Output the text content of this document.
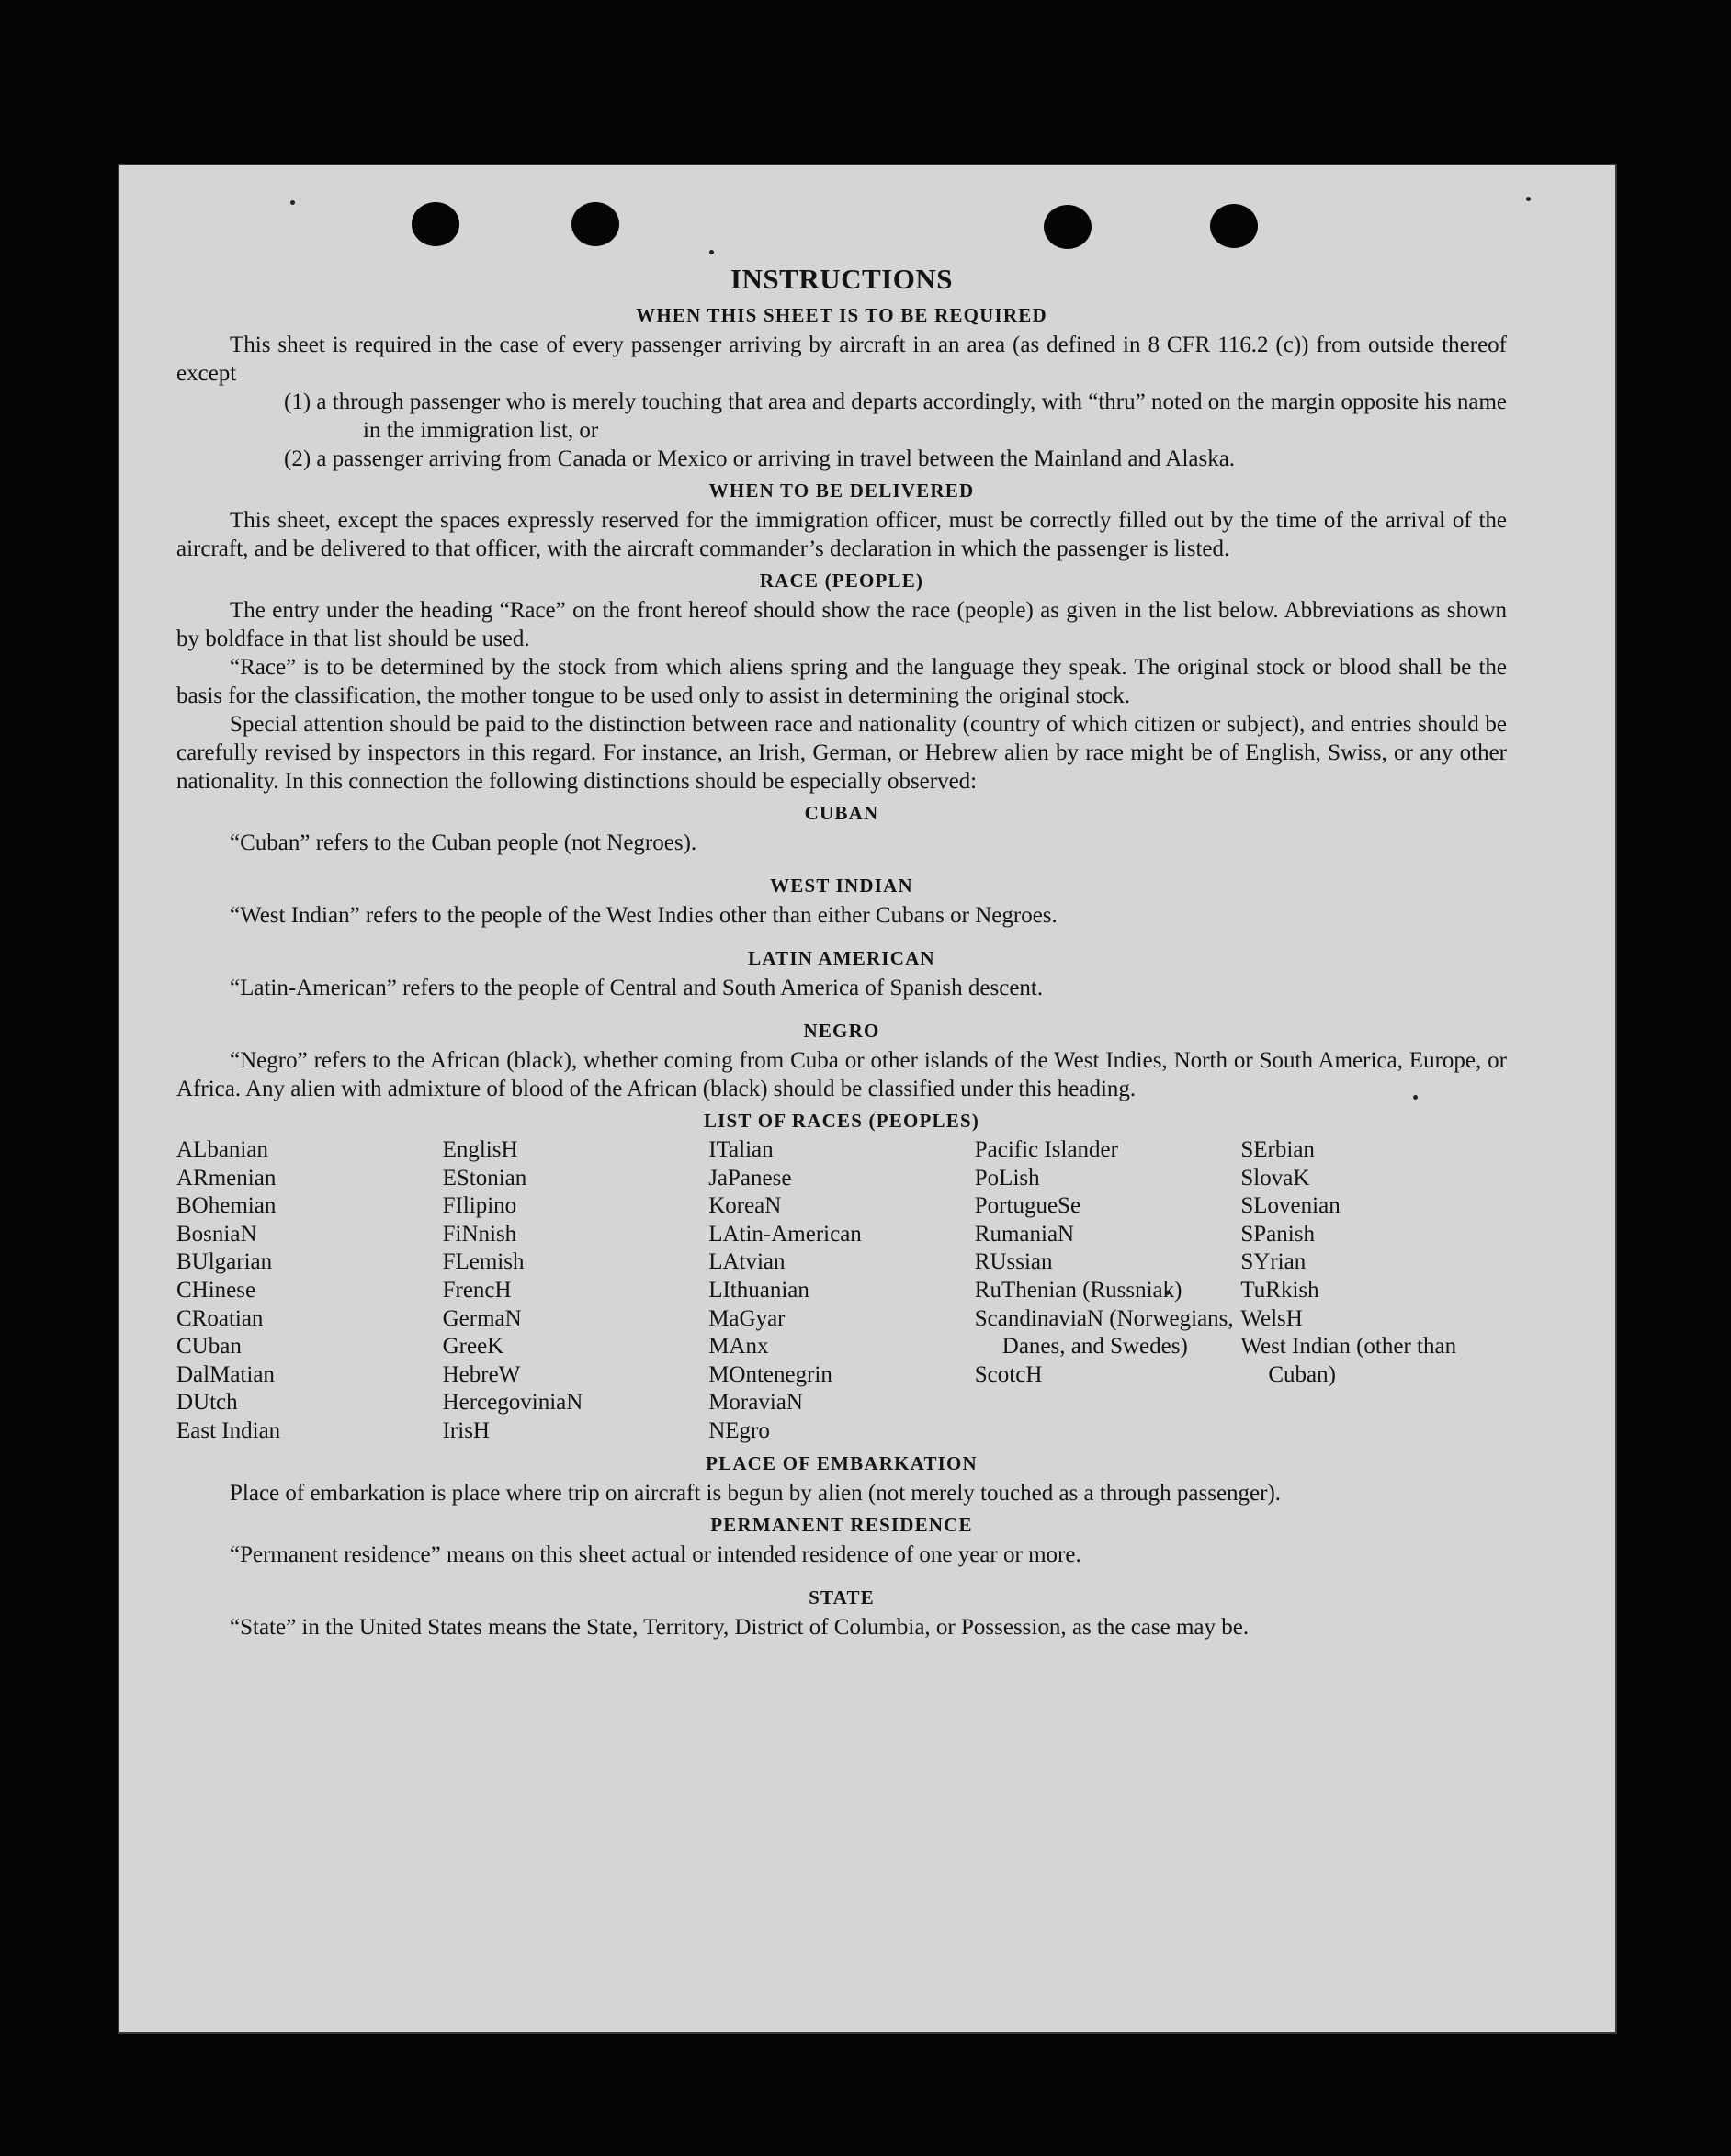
INSTRUCTIONS
WHEN THIS SHEET IS TO BE REQUIRED

This sheet is required in the case of every passenger arriving by aircraft in an area (as defined in 8 CFR 116.2 (c)) from outside thereof except

(1) a through passenger who is merely touching that area and departs accordingly, with “thru” noted on the margin opposite his name in the immigration list, or

(2) a passenger arriving from Canada or Mexico or arriving in travel between the Mainland and Alaska.

WHEN TO BE DELIVERED

This sheet, except the spaces expressly reserved for the immigration officer, must be correctly filled out by the time of the arrival of the aircraft, and be delivered to that officer, with the aircraft commander’s declaration in which the passenger is listed.

RACE (PEOPLE)

The entry under the heading “Race” on the front hereof should show the race (people) as given in the list below. Abbreviations as shown by boldface in that list should be used.

“Race” is to be determined by the stock from which aliens spring and the language they speak. The original stock or blood shall be the basis for the classification, the mother tongue to be used only to assist in determining the original stock.

Special attention should be paid to the distinction between race and nationality (country of which citizen or subject), and entries should be carefully revised by inspectors in this regard. For instance, an Irish, German, or Hebrew alien by race might be of English, Swiss, or any other nationality. In this connection the following distinctions should be especially observed:

CUBAN

“Cuban” refers to the Cuban people (not Negroes).

WEST INDIAN

“West Indian” refers to the people of the West Indies other than either Cubans or Negroes.

LATIN AMERICAN

“Latin-American” refers to the people of Central and South America of Spanish descent.

NEGRO

“Negro” refers to the African (black), whether coming from Cuba or other islands of the West Indies, North or South America, Europe, or Africa. Any alien with admixture of blood of the African (black) should be classified under this heading.

LIST OF RACES (PEOPLES)
ALbanian
ARmenian
BOhemian
BosniaN
BUlgarian
CHinese
CRoatian
CUban
DalMatian
DUtch
East Indian
EnglisH
EStonian
FIlipino
FiNnish
FLemish
FrencH
GermaN
GreeK
HebreW
HercegoviniaN
IrisH
ITalian
JaPanese
KoreaN
LAtin-American
LAtvian
LIthuanian
MaGyar
MAnx
MOntenegrin
MoraviaN
NEgro
Pacific Islander
PoLish
PortugueSe
RumaniaN
RUssian
RuThenian (Russniak)
ScandinaviaN (Norwegians, Danes, and Swedes)
ScotcH
SErbian
SlovaK
SLovenian
SPanish
SYrian
TuRkish
WelsH
West Indian (other than Cuban)
PLACE OF EMBARKATION

Place of embarkation is place where trip on aircraft is begun by alien (not merely touched as a through passenger).

PERMANENT RESIDENCE

“Permanent residence” means on this sheet actual or intended residence of one year or more.

STATE

“State” in the United States means the State, Territory, District of Columbia, or Possession, as the case may be.
